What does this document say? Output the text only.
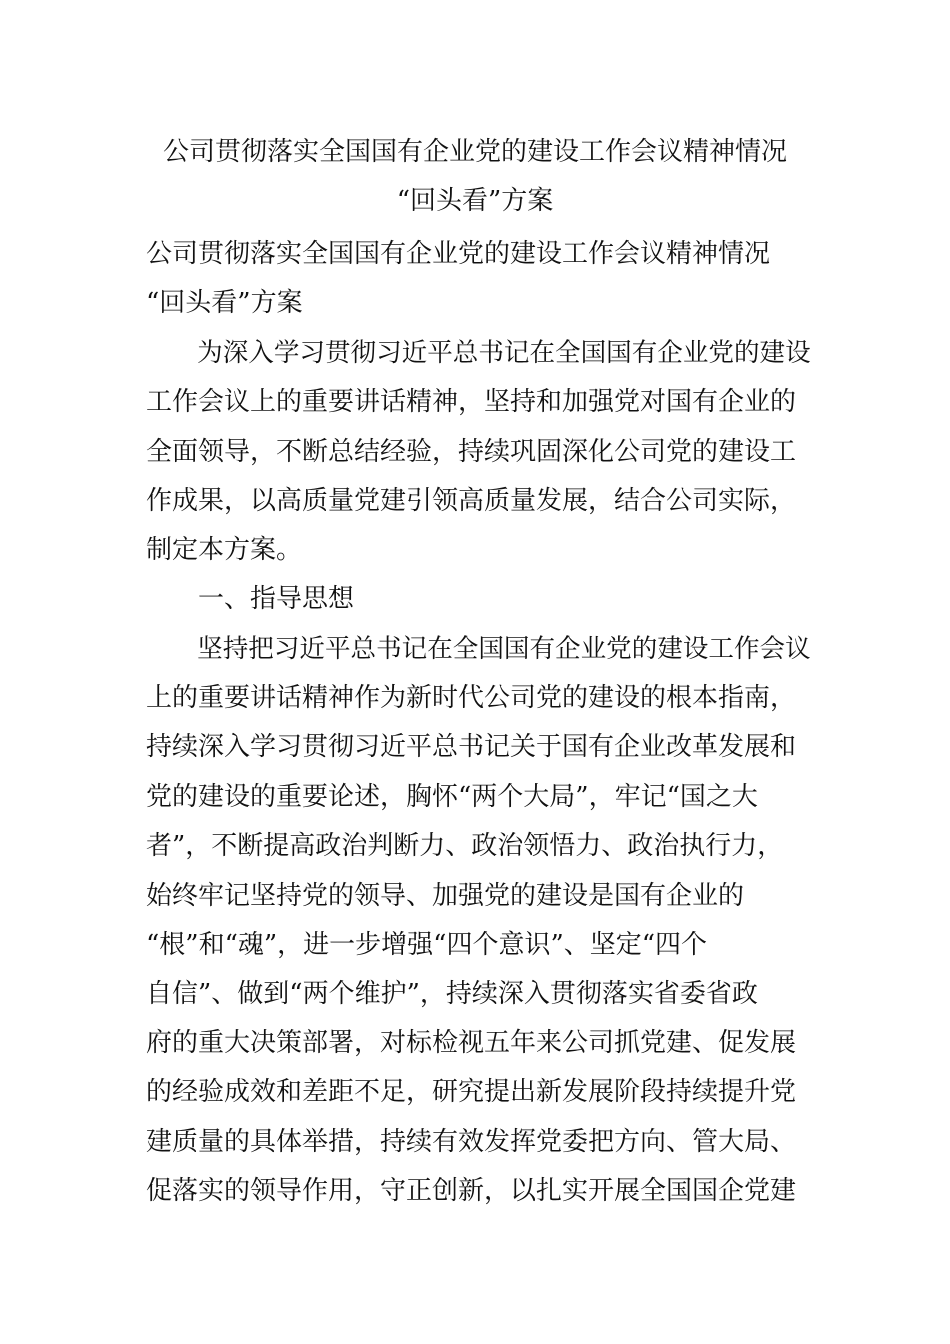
公司贯彻落实全国国有企业党的建设工作会议精神情况
“回头看”方案
公司贯彻落实全国国有企业党的建设工作会议精神情况
“回头看”方案
　　为深入学习贯彻习近平总书记在全国国有企业党的建设
工作会议上的重要讲话精神，坚持和加强党对国有企业的
全面领导，不断总结经验，持续巩固深化公司党的建设工
作成果，以高质量党建引领高质量发展，结合公司实际，
制定本方案。
　　一、指导思想
　　坚持把习近平总书记在全国国有企业党的建设工作会议
上的重要讲话精神作为新时代公司党的建设的根本指南，
持续深入学习贯彻习近平总书记关于国有企业改革发展和
党的建设的重要论述，胸怀“两个大局”，牢记“国之大
者”，不断提高政治判断力、政治领悟力、政治执行力，
始终牢记坚持党的领导、加强党的建设是国有企业的
“根”和“魂”，进一步增强“四个意识”、坚定“四个
自信”、做到“两个维护”，持续深入贯彻落实省委省政
府的重大决策部署，对标检视五年来公司抓党建、促发展
的经验成效和差距不足，研究提出新发展阶段持续提升党
建质量的具体举措，持续有效发挥党委把方向、管大局、
促落实的领导作用，守正创新，以扎实开展全国国企党建
